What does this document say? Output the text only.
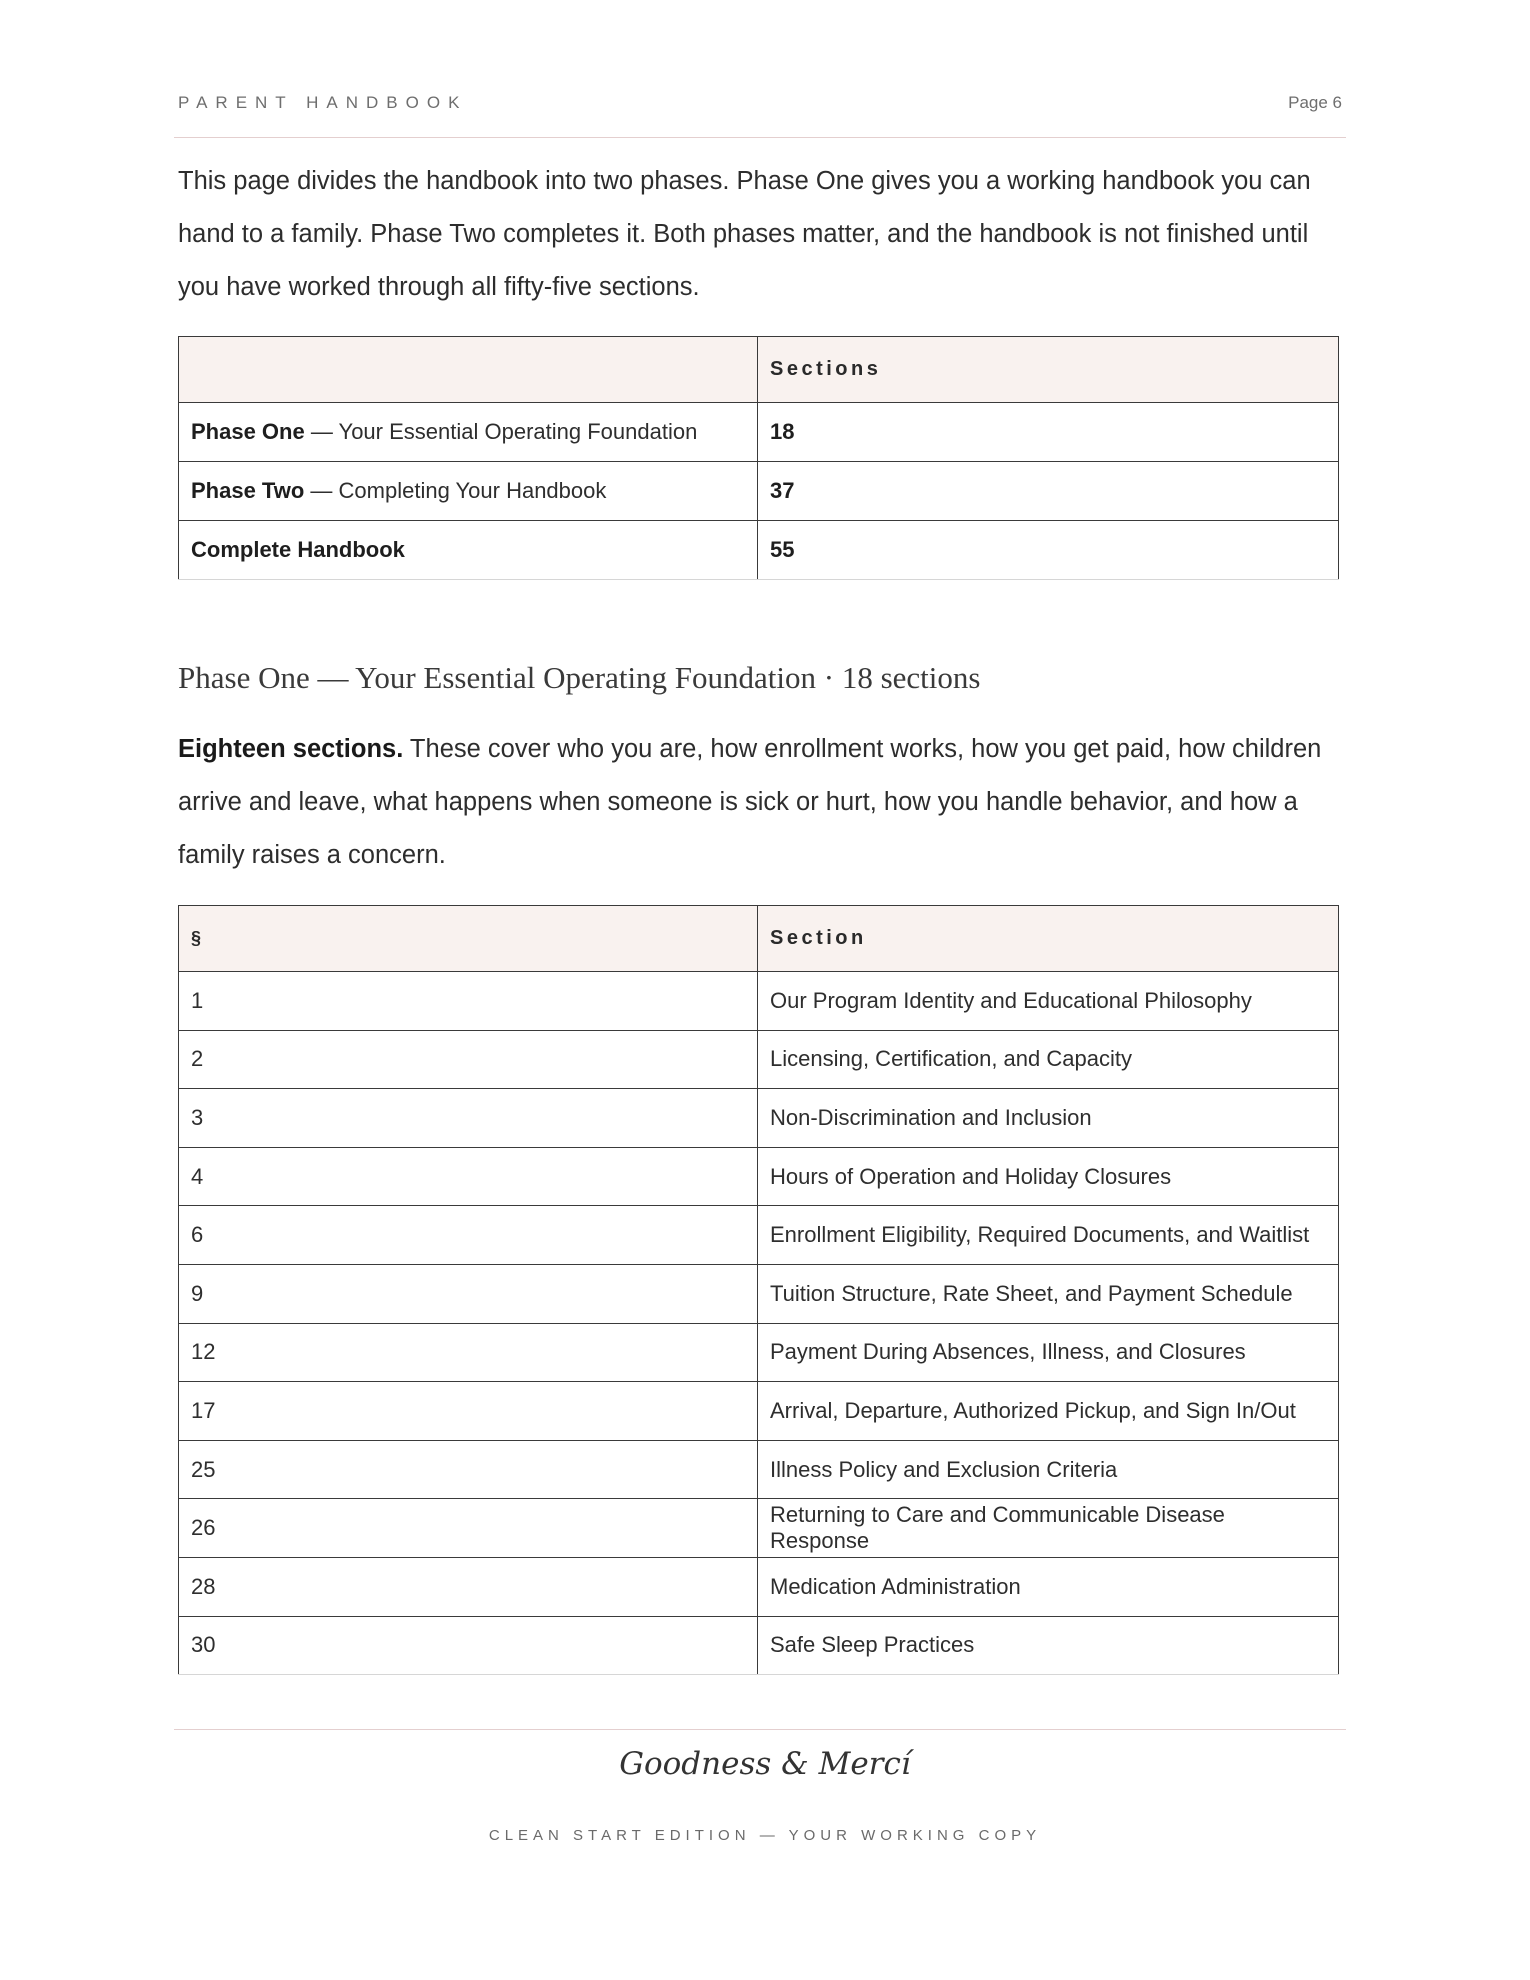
PARENT HANDBOOK	Page 6

This page divides the handbook into two phases. Phase One gives you a working handbook you can hand to a family. Phase Two completes it. Both phases matter, and the handbook is not finished until you have worked through all fifty-five sections.

	Sections
Phase One — Your Essential Operating Foundation	18
Phase Two — Completing Your Handbook	37
Complete Handbook	55
Phase One — Your Essential Operating Foundation · 18 sections

Eighteen sections. These cover who you are, how enrollment works, how you get paid, how children arrive and leave, what happens when someone is sick or hurt, how you handle behavior, and how a family raises a concern.

§	Section
1	Our Program Identity and Educational Philosophy
2	Licensing, Certification, and Capacity
3	Non-Discrimination and Inclusion
4	Hours of Operation and Holiday Closures
6	Enrollment Eligibility, Required Documents, and Waitlist
9	Tuition Structure, Rate Sheet, and Payment Schedule
12	Payment During Absences, Illness, and Closures
17	Arrival, Departure, Authorized Pickup, and Sign In/Out
25	Illness Policy and Exclusion Criteria
26	Returning to Care and Communicable Disease Response
28	Medication Administration
30	Safe Sleep Practices
Goodness & Mercí
CLEAN START EDITION — YOUR WORKING COPY
